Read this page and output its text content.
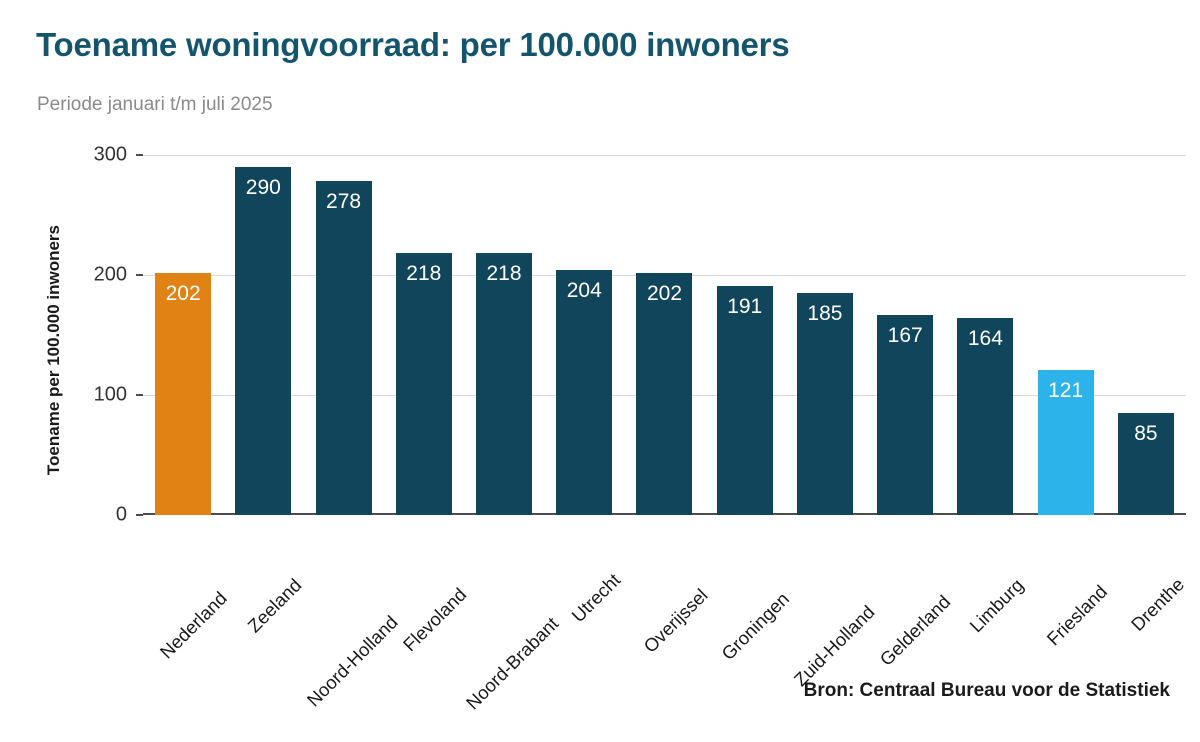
Toename woningvoorraad: per 100.000 inwoners
Periode januari t/m juli 2025
Toename per 100.000 inwoners	202
290
278
218 218
204 202
191 185
167 164
121
85
0
100
200
300
Nederland Zeeland
Noord-Holland
Flevoland
Noord-Brabant
Utrecht Overijssel Groningen
Zuid-Holland
Gelderland Limburg Friesland Drenthe
Bron: Centraal Bureau voor de Statistiek
